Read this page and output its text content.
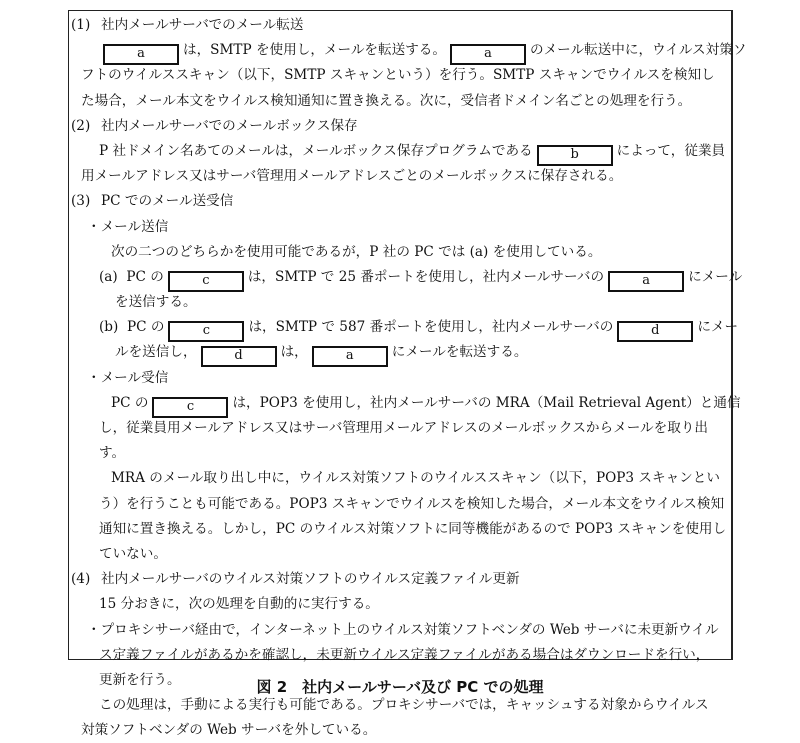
(1) 社内メールサーバでのメール転送
a	は，SMTP を使用し，メールを転送する。	a	のメール転送中に，ウイルス対策ソ
フトのウイルススキャン（以下，SMTP スキャンという）を行う。SMTP スキャンでウイルスを検知し
た場合，メール本文をウイルス検知通知に置き換える。次に，受信者ドメイン名ごとの処理を行う。
(2) 社内メールサーバでのメールボックス保存
P 社ドメイン名あてのメールは，メールボックス保存プログラムである	b	によって，従業員
用メールアドレス又はサーバ管理用メールアドレスごとのメールボックスに保存される。
(3) PC でのメール送受信
・メール送信
次の二つのどちらかを使用可能であるが，P 社の PC では (a) を使用している。
(a) PC の	c	は，SMTP で 25 番ポートを使用し，社内メールサーバの	a	にメール
を送信する。
(b) PC の	c	は，SMTP で 587 番ポートを使用し，社内メールサーバの	d	にメー
ルを送信し，	d	は，	a	にメールを転送する。
・メール受信
PC の	c	は，POP3 を使用し，社内メールサーバの MRA（Mail Retrieval Agent）と通信
し，従業員用メールアドレス又はサーバ管理用メールアドレスのメールボックスからメールを取り出
す。
MRA のメール取り出し中に，ウイルス対策ソフトのウイルススキャン（以下，POP3 スキャンとい
う）を行うことも可能である。POP3 スキャンでウイルスを検知した場合，メール本文をウイルス検知
通知に置き換える。しかし，PC のウイルス対策ソフトに同等機能があるので POP3 スキャンを使用し
ていない。
(4) 社内メールサーバのウイルス対策ソフトのウイルス定義ファイル更新
15 分おきに，次の処理を自動的に実行する。
・プロキシサーバ経由で，インターネット上のウイルス対策ソフトベンダの Web サーバに未更新ウイル
ス定義ファイルがあるかを確認し，未更新ウイルス定義ファイルがある場合はダウンロードを行い，
更新を行う。
この処理は，手動による実行も可能である。プロキシサーバでは，キャッシュする対象からウイルス
対策ソフトベンダの Web サーバを外している。
図 2　社内メールサーバ及び PC での処理
